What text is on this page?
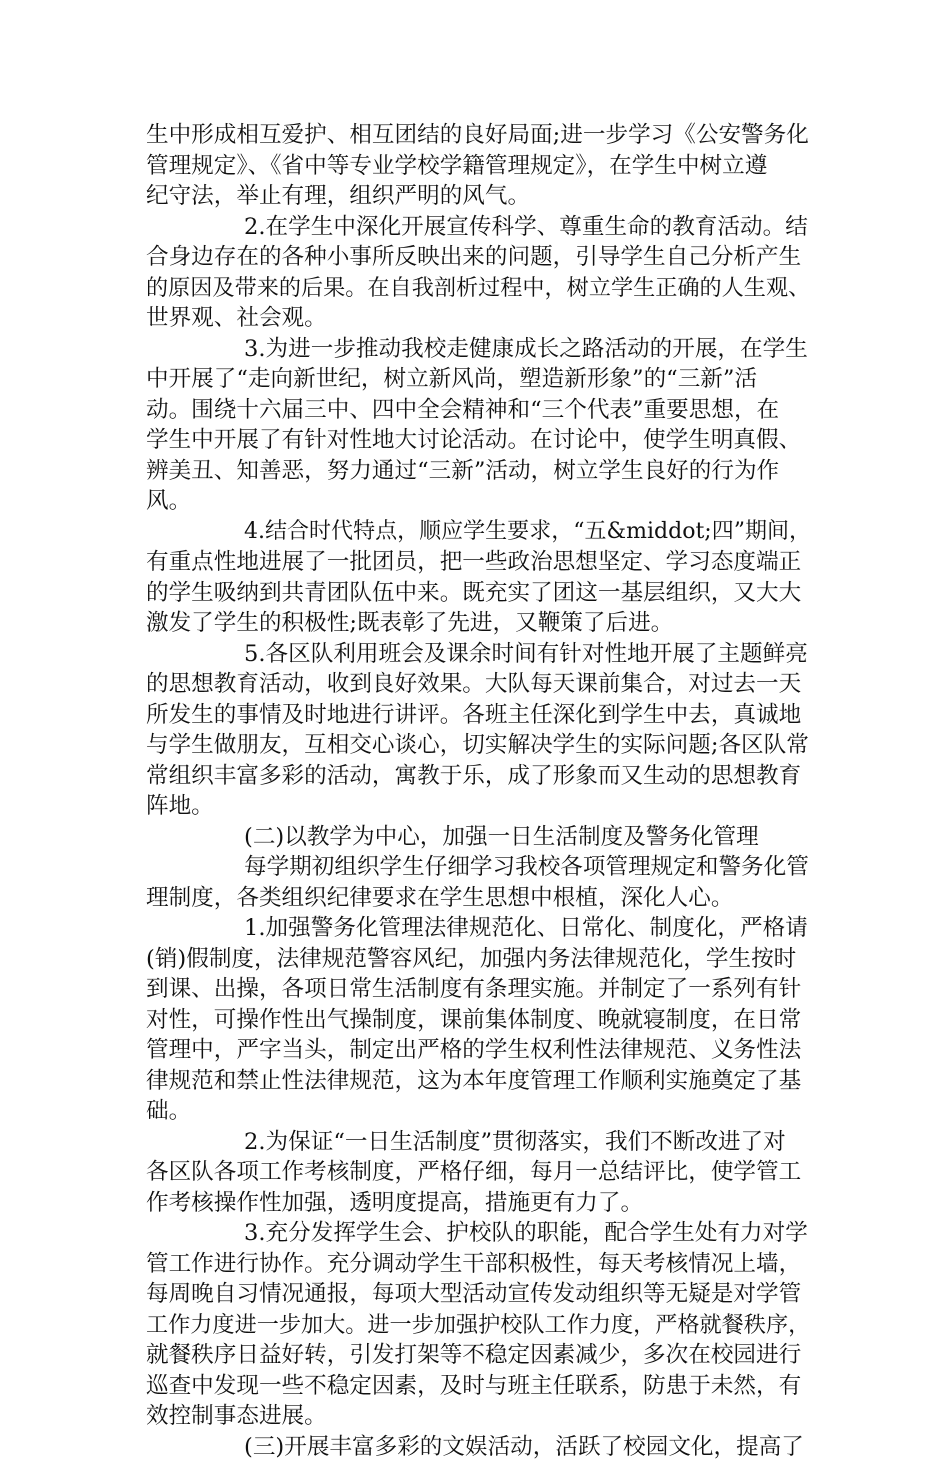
生中形成相互爱护、相互团结的良好局面;进一步学习《公安警务化
管理规定》、《省中等专业学校学籍管理规定》，在学生中树立遵
纪守法，举止有理，组织严明的风气。
2.在学生中深化开展宣传科学、尊重生命的教育活动。结
合身边存在的各种小事所反映出来的问题，引导学生自己分析产生
的原因及带来的后果。在自我剖析过程中，树立学生正确的人生观、
世界观、社会观。
3.为进一步推动我校走健康成长之路活动的开展，在学生
中开展了“走向新世纪，树立新风尚，塑造新形象”的“三新”活
动。围绕十六届三中、四中全会精神和“三个代表”重要思想，在
学生中开展了有针对性地大讨论活动。在讨论中，使学生明真假、
辨美丑、知善恶，努力通过“三新”活动，树立学生良好的行为作
风。
4.结合时代特点，顺应学生要求，“五&middot;四”期间，
有重点性地进展了一批团员，把一些政治思想坚定、学习态度端正
的学生吸纳到共青团队伍中来。既充实了团这一基层组织，又大大
激发了学生的积极性;既表彰了先进，又鞭策了后进。
5.各区队利用班会及课余时间有针对性地开展了主题鲜亮
的思想教育活动，收到良好效果。大队每天课前集合，对过去一天
所发生的事情及时地进行讲评。各班主任深化到学生中去，真诚地
与学生做朋友，互相交心谈心，切实解决学生的实际问题;各区队常
常组织丰富多彩的活动，寓教于乐，成了形象而又生动的思想教育
阵地。
(二)以教学为中心，加强一日生活制度及警务化管理
每学期初组织学生仔细学习我校各项管理规定和警务化管
理制度，各类组织纪律要求在学生思想中根植，深化人心。
1.加强警务化管理法律规范化、日常化、制度化，严格请
(销)假制度，法律规范警容风纪，加强内务法律规范化，学生按时
到课、出操，各项日常生活制度有条理实施。并制定了一系列有针
对性，可操作性出气操制度，课前集体制度、晚就寝制度，在日常
管理中，严字当头，制定出严格的学生权利性法律规范、义务性法
律规范和禁止性法律规范，这为本年度管理工作顺利实施奠定了基
础。
2.为保证“一日生活制度”贯彻落实，我们不断改进了对
各区队各项工作考核制度，严格仔细，每月一总结评比，使学管工
作考核操作性加强，透明度提高，措施更有力了。
3.充分发挥学生会、护校队的职能，配合学生处有力对学
管工作进行协作。充分调动学生干部积极性，每天考核情况上墙，
每周晚自习情况通报，每项大型活动宣传发动组织等无疑是对学管
工作力度进一步加大。进一步加强护校队工作力度，严格就餐秩序，
就餐秩序日益好转，引发打架等不稳定因素减少，多次在校园进行
巡查中发现一些不稳定因素，及时与班主任联系，防患于未然，有
效控制事态进展。
(三)开展丰富多彩的文娱活动，活跃了校园文化，提高了
